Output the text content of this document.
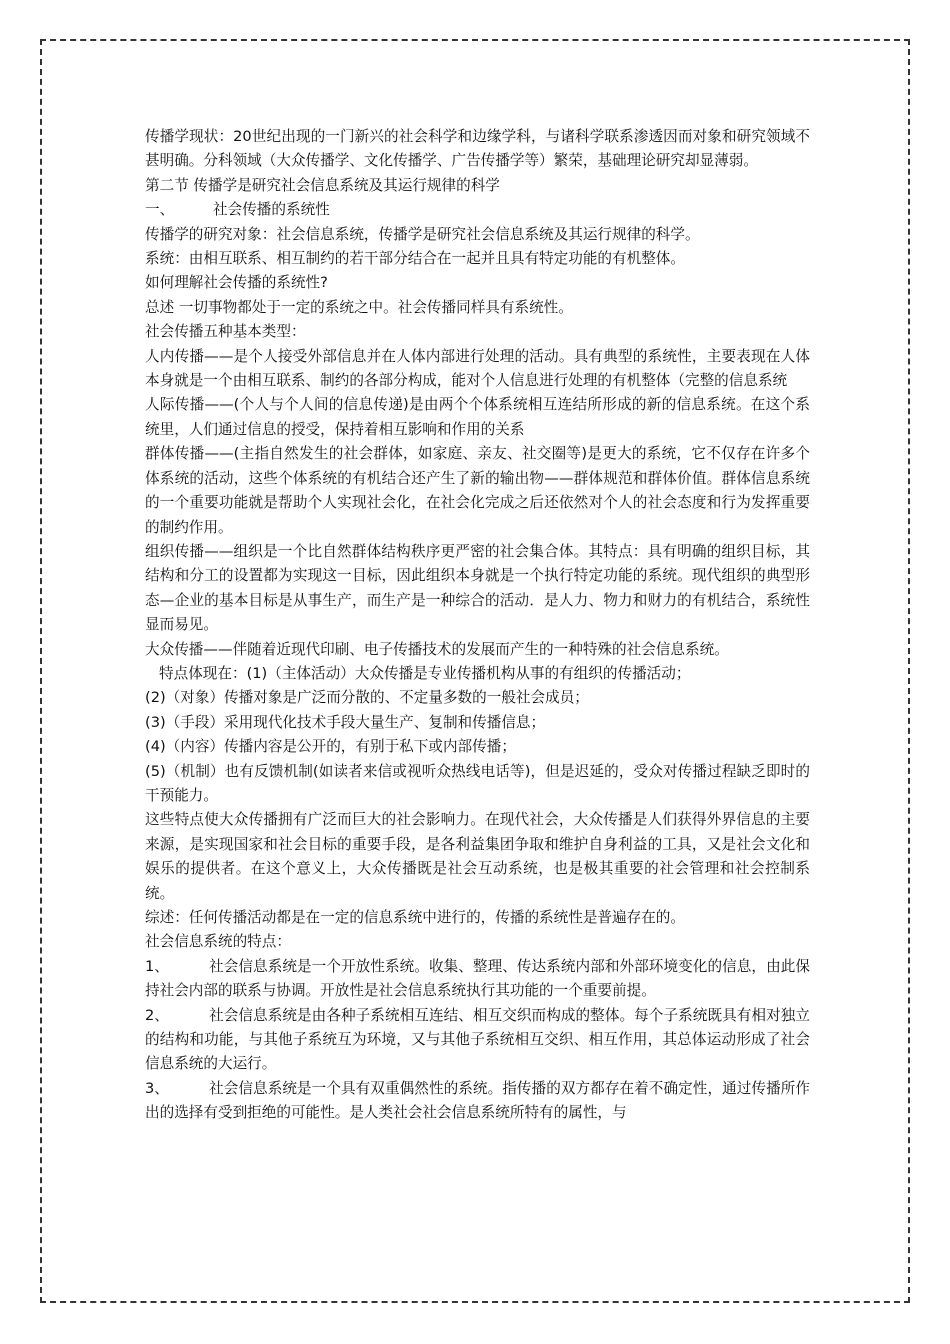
传播学现状：20世纪出现的一门新兴的社会科学和边缘学科，与诸科学联系渗透因而对象和研究领域不甚明确。分科领域（大众传播学、文化传播学、广告传播学等）繁荣，基础理论研究却显薄弱。

第二节 传播学是研究社会信息系统及其运行规律的科学

一、	社会传播的系统性

传播学的研究对象：社会信息系统，传播学是研究社会信息系统及其运行规律的科学。

系统：由相互联系、相互制约的若干部分结合在一起并且具有特定功能的有机整体。

如何理解社会传播的系统性?

总述 一切事物都处于一定的系统之中。社会传播同样具有系统性。

社会传播五种基本类型：

人内传播——是个人接受外部信息并在人体内部进行处理的活动。具有典型的系统性，主要表现在人体本身就是一个由相互联系、制约的各部分构成，能对个人信息进行处理的有机整体（完整的信息系统

人际传播——(个人与个人间的信息传递)是由两个个体系统相互连结所形成的新的信息系统。在这个系统里，人们通过信息的授受，保持着相互影响和作用的关系

群体传播——(主指自然发生的社会群体，如家庭、亲友、社交圈等)是更大的系统，它不仅存在许多个体系统的活动，这些个体系统的有机结合还产生了新的输出物——群体规范和群体价值。群体信息系统的一个重要功能就是帮助个人实现社会化，在社会化完成之后还依然对个人的社会态度和行为发挥重要的制约作用。

组织传播——组织是一个比自然群体结构秩序更严密的社会集合体。其特点：具有明确的组织目标，其结构和分工的设置都为实现这一目标，因此组织本身就是一个执行特定功能的系统。现代组织的典型形态—企业的基本目标是从事生产，而生产是一种综合的活动．是人力、物力和财力的有机结合，系统性显而易见。

大众传播——伴随着近现代印刷、电子传播技术的发展而产生的一种特殊的社会信息系统。

特点体现在：(1)（主体活动）大众传播是专业传播机构从事的有组织的传播活动；

(2)（对象）传播对象是广泛而分散的、不定量多数的一般社会成员；

(3)（手段）采用现代化技术手段大量生产、复制和传播信息；

(4)（内容）传播内容是公开的，有别于私下或内部传播；

(5)（机制）也有反馈机制(如读者来信或视听众热线电话等)，但是迟延的，受众对传播过程缺乏即时的干预能力。

这些特点使大众传播拥有广泛而巨大的社会影响力。在现代社会，大众传播是人们获得外界信息的主要来源，是实现国家和社会目标的重要手段，是各利益集团争取和维护自身利益的工具，又是社会文化和娱乐的提供者。在这个意义上，大众传播既是社会互动系统，也是极其重要的社会管理和社会控制系统。

综述：任何传播活动都是在一定的信息系统中进行的，传播的系统性是普遍存在的。

社会信息系统的特点：

1、	社会信息系统是一个开放性系统。收集、整理、传达系统内部和外部环境变化的信息，由此保持社会内部的联系与协调。开放性是社会信息系统执行其功能的一个重要前提。

2、	社会信息系统是由各种子系统相互连结、相互交织而构成的整体。每个子系统既具有相对独立的结构和功能，与其他子系统互为环境，又与其他子系统相互交织、相互作用，其总体运动形成了社会信息系统的大运行。

3、	社会信息系统是一个具有双重偶然性的系统。指传播的双方都存在着不确定性，通过传播所作出的选择有受到拒绝的可能性。是人类社会社会信息系统所特有的属性，与
